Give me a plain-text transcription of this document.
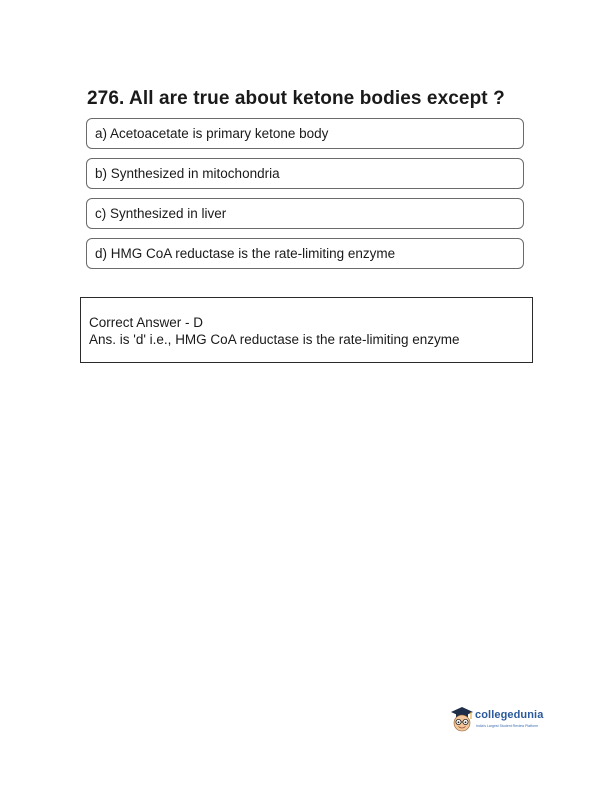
276. All are true about ketone bodies except ?
a) Acetoacetate is primary ketone body
b) Synthesized in mitochondria
c) Synthesized in liver
d) HMG CoA reductase is the rate-limiting enzyme
Correct Answer - D
Ans. is 'd' i.e., HMG CoA reductase is the rate-limiting enzyme
collegedunia
India's Largest Student Review Platform
